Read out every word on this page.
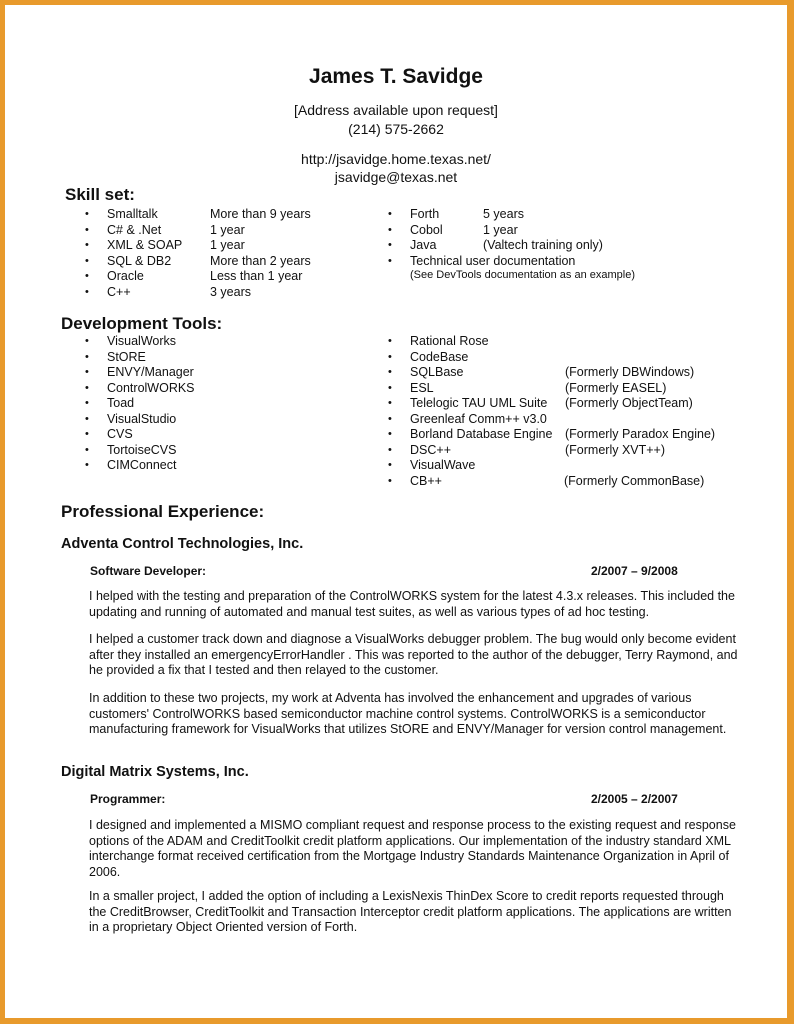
James T. Savidge
[Address available upon request]
(214) 575-2662
http://jsavidge.home.texas.net/
jsavidge@texas.net
Skill set:
• Smalltalk	More than 9 years
• C# & .Net	1 year
• XML & SOAP 1 year
• SQL & DB2	More than 2 years
• Oracle	Less than 1 year
• C++	3 years
• Forth	5 years
• Cobol	1 year
• Java	(Valtech training only)
• Technical user documentation
(See DevTools documentation as an example)
Development Tools:
• VisualWorks
• StORE
• ENVY/Manager
• ControlWORKS
• Toad
• VisualStudio
• CVS
• TortoiseCVS
• CIMConnect
• Rational Rose
• CodeBase
• SQLBase	(Formerly DBWindows)
• ESL	(Formerly EASEL)
• Telelogic TAU UML Suite (Formerly ObjectTeam)
• Greenleaf Comm++ v3.0
• Borland Database Engine (Formerly Paradox Engine)
• DSC++	(Formerly XVT++)
• VisualWave
• CB++	(Formerly CommonBase)
Professional Experience:
Adventa Control Technologies, Inc.
Software Developer:	2/2007 – 9/2008
I helped with the testing and preparation of the ControlWORKS system for the latest 4.3.x releases. This included the updating and running of automated and manual test suites, as well as various types of ad hoc testing.
I helped a customer track down and diagnose a VisualWorks debugger problem. The bug would only become evident after they installed an emergencyErrorHandler . This was reported to the author of the debugger, Terry Raymond, and he provided a fix that I tested and then relayed to the customer.
In addition to these two projects, my work at Adventa has involved the enhancement and upgrades of various customers' ControlWORKS based semiconductor machine control systems. ControlWORKS is a semiconductor manufacturing framework for VisualWorks that utilizes StORE and ENVY/Manager for version control management.
Digital Matrix Systems, Inc.
Programmer:	2/2005 – 2/2007
I designed and implemented a MISMO compliant request and response process to the existing request and response options of the ADAM and CreditToolkit credit platform applications. Our implementation of the industry standard XML interchange format received certification from the Mortgage Industry Standards Maintenance Organization in April of 2006.
In a smaller project, I added the option of including a LexisNexis ThinDex Score to credit reports requested through the CreditBrowser, CreditToolkit and Transaction Interceptor credit platform applications. The applications are written in a proprietary Object Oriented version of Forth.
